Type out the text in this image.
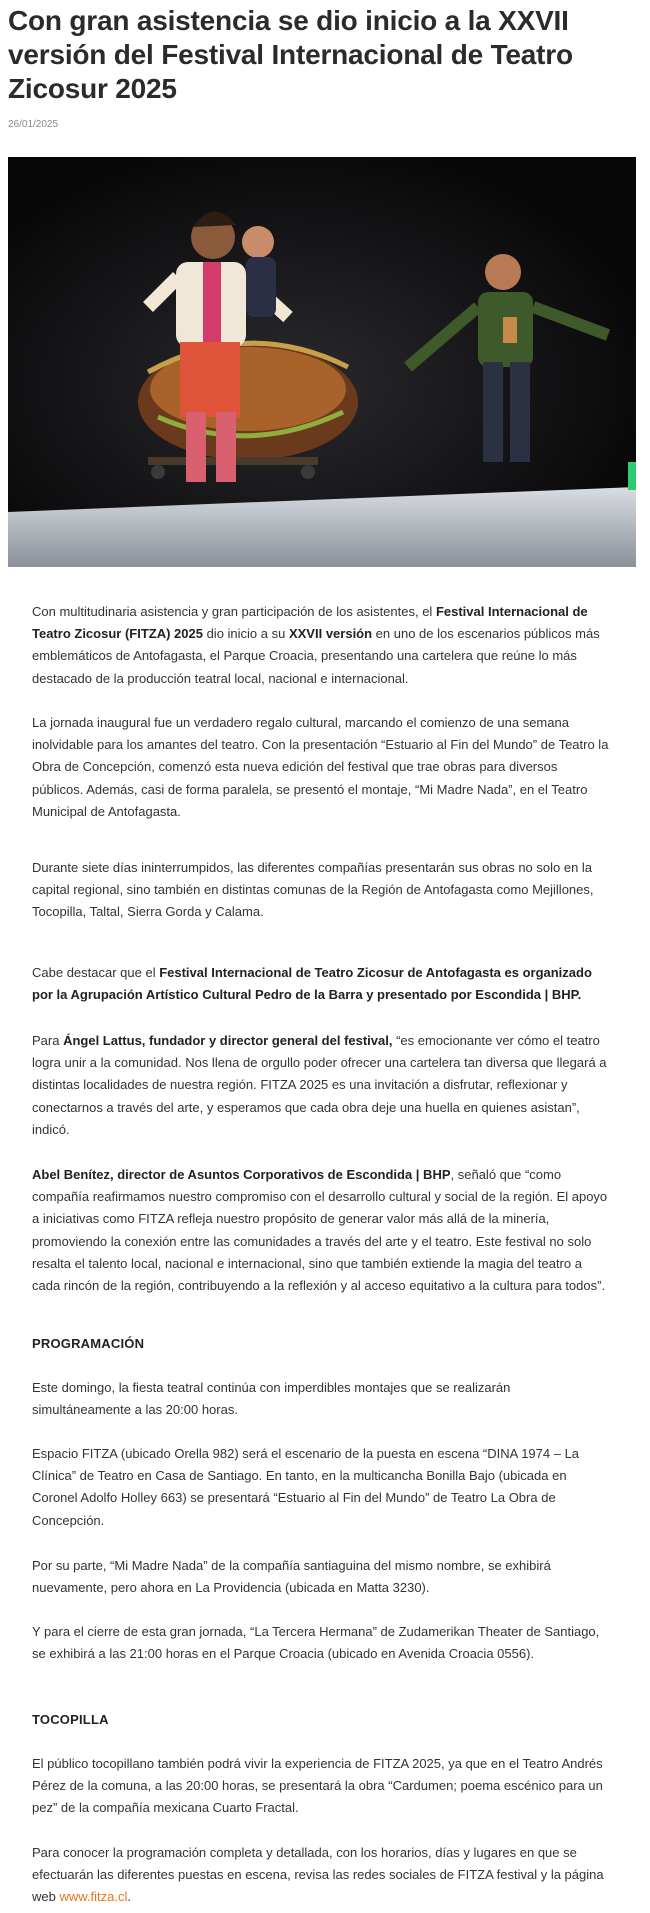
Con gran asistencia se dio inicio a la XXVII versión del Festival Internacional de Teatro Zicosur 2025

26/01/2025

Con multitudinaria asistencia y gran participación de los asistentes, el Festival Internacional de Teatro Zicosur (FITZA) 2025 dio inicio a su XXVII versión en uno de los escenarios públicos más emblemáticos de Antofagasta, el Parque Croacia, presentando una cartelera que reúne lo más destacado de la producción teatral local, nacional e internacional.

La jornada inaugural fue un verdadero regalo cultural, marcando el comienzo de una semana inolvidable para los amantes del teatro. Con la presentación “Estuario al Fin del Mundo” de Teatro la Obra de Concepción, comenzó esta nueva edición del festival que trae obras para diversos públicos. Además, casi de forma paralela, se presentó el montaje, “Mi Madre Nada”, en el Teatro Municipal de Antofagasta.

Durante siete días ininterrumpidos, las diferentes compañías presentarán sus obras no solo en la capital regional, sino también en distintas comunas de la Región de Antofagasta como Mejillones, Tocopilla, Taltal, Sierra Gorda y Calama.

Cabe destacar que el Festival Internacional de Teatro Zicosur de Antofagasta es organizado por la Agrupación Artístico Cultural Pedro de la Barra y presentado por Escondida | BHP.

Para Ángel Lattus, fundador y director general del festival, “es emocionante ver cómo el teatro logra unir a la comunidad. Nos llena de orgullo poder ofrecer una cartelera tan diversa que llegará a distintas localidades de nuestra región. FITZA 2025 es una invitación a disfrutar, reflexionar y conectarnos a través del arte, y esperamos que cada obra deje una huella en quienes asistan”, indicó.

Abel Benítez, director de Asuntos Corporativos de Escondida | BHP, señaló que “como compañía reafirmamos nuestro compromiso con el desarrollo cultural y social de la región. El apoyo a iniciativas como FITZA refleja nuestro propósito de generar valor más allá de la minería, promoviendo la conexión entre las comunidades a través del arte y el teatro. Este festival no solo resalta el talento local, nacional e internacional, sino que también extiende la magia del teatro a cada rincón de la región, contribuyendo a la reflexión y al acceso equitativo a la cultura para todos”.

PROGRAMACIÓN

Este domingo, la fiesta teatral continúa con imperdibles montajes que se realizarán simultáneamente a las 20:00 horas.

Espacio FITZA (ubicado Orella 982) será el escenario de la puesta en escena “DINA 1974 – La Clínica” de Teatro en Casa de Santiago. En tanto, en la multicancha Bonilla Bajo (ubicada en Coronel Adolfo Holley 663) se presentará “Estuario al Fin del Mundo” de Teatro La Obra de Concepción.

Por su parte, “Mi Madre Nada” de la compañía santiaguina del mismo nombre, se exhibirá nuevamente, pero ahora en La Providencia (ubicada en Matta 3230).

Y para el cierre de esta gran jornada, “La Tercera Hermana” de Zudamerikan Theater de Santiago, se exhibirá a las 21:00 horas en el Parque Croacia (ubicado en Avenida Croacia 0556).

TOCOPILLA

El público tocopillano también podrá vivir la experiencia de FITZA 2025, ya que en el Teatro Andrés Pérez de la comuna, a las 20:00 horas, se presentará la obra “Cardumen; poema escénico para un pez” de la compañía mexicana Cuarto Fractal.

Para conocer la programación completa y detallada, con los horarios, días y lugares en que se efectuarán las diferentes puestas en escena, revisa las redes sociales de FITZA festival y la página web www.fitza.cl.
